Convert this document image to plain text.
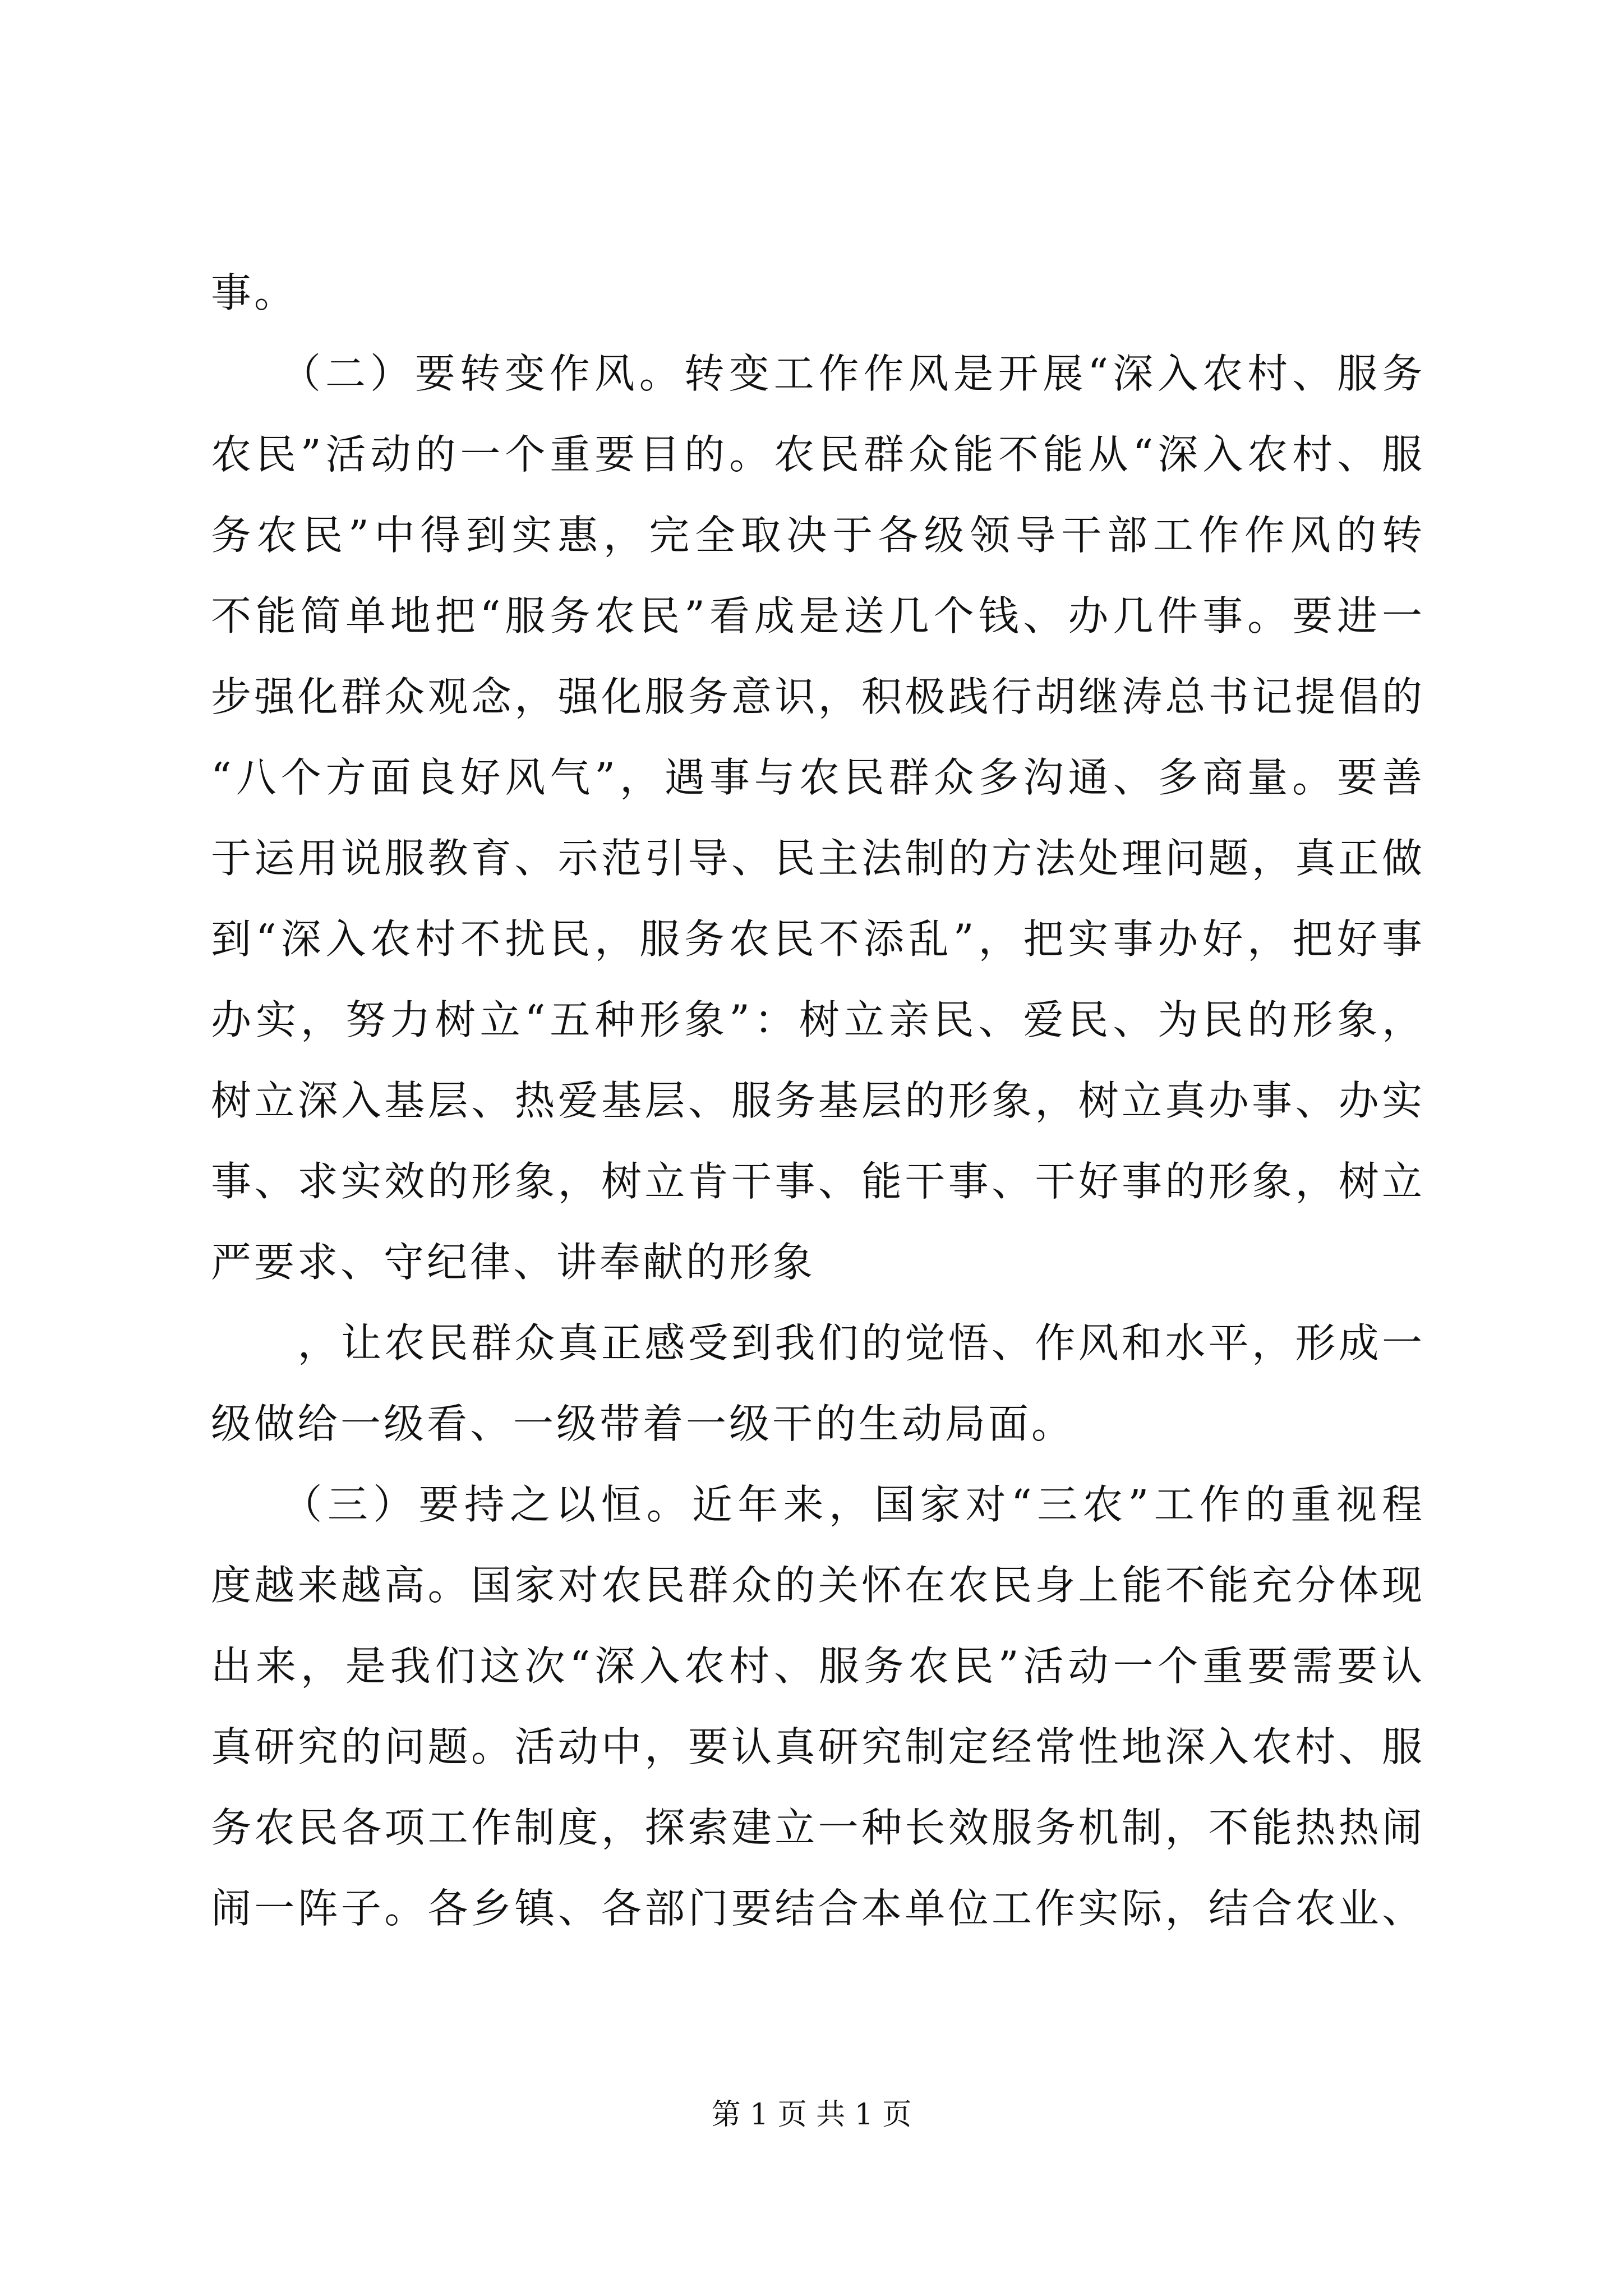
事。
　　（二）要转变作风。转变工作作风是开展“深入农村、服务
农民”活动的一个重要目的。农民群众能不能从“深入农村、服
务农民”中得到实惠，完全取决于各级领导干部工作作风的转
不能简单地把“服务农民”看成是送几个钱、办几件事。要进一
步强化群众观念，强化服务意识，积极践行胡继涛总书记提倡的
“八个方面良好风气”，遇事与农民群众多沟通、多商量。要善
于运用说服教育、示范引导、民主法制的方法处理问题，真正做
到“深入农村不扰民，服务农民不添乱”，把实事办好，把好事
办实，努力树立“五种形象”：树立亲民、爱民、为民的形象，
树立深入基层、热爱基层、服务基层的形象，树立真办事、办实
事、求实效的形象，树立肯干事、能干事、干好事的形象，树立
严要求、守纪律、讲奉献的形象
　　，让农民群众真正感受到我们的觉悟、作风和水平，形成一
级做给一级看、一级带着一级干的生动局面。
　　（三）要持之以恒。近年来，国家对“三农”工作的重视程
度越来越高。国家对农民群众的关怀在农民身上能不能充分体现
出来，是我们这次“深入农村、服务农民”活动一个重要需要认
真研究的问题。活动中，要认真研究制定经常性地深入农村、服
务农民各项工作制度，探索建立一种长效服务机制，不能热热闹
闹一阵子。各乡镇、各部门要结合本单位工作实际，结合农业、
第 1 页 共 1 页
